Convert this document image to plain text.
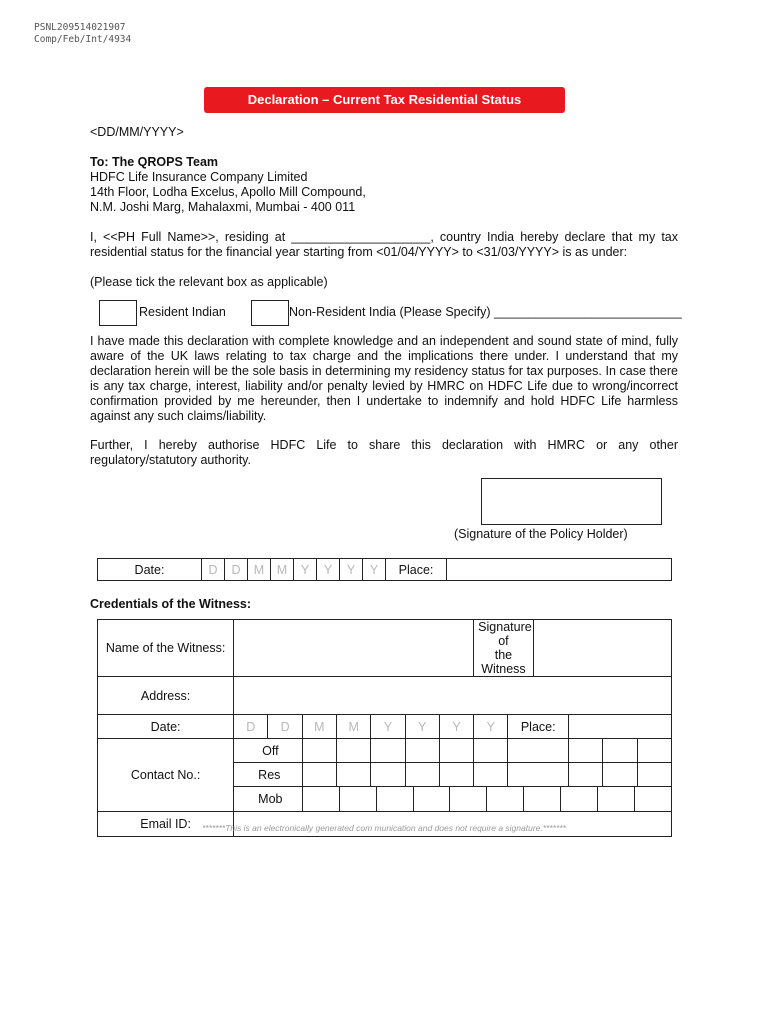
PSNL209514021907
Comp/Feb/Int/4934
Declaration – Current Tax Residential Status
<DD/MM/YYYY>
To: The QROPS Team
HDFC Life Insurance Company Limited
14th Floor, Lodha Excelus, Apollo Mill Compound,
N.M. Joshi Marg, Mahalaxmi, Mumbai - 400 011
I, <<PH Full Name>>, residing at ____________________, country India hereby declare that my tax
residential status for the financial year starting from <01/04/YYYY> to <31/03/YYYY> is as under:
(Please tick the relevant box as applicable)
Resident Indian	Non-Resident India (Please Specify) ___________________________
I have made this declaration with complete knowledge and an independent and sound state of mind, fully aware of the UK laws relating to tax charge and the implications there under. I understand that my declaration herein will be the sole basis in determining my residency status for tax purposes. In case there is any tax charge, interest, liability and/or penalty levied by HMRC on HDFC Life due to wrong/incorrect confirmation provided by me hereunder, then I undertake to indemnify and hold HDFC Life harmless against any such claims/liability.
Further, I hereby authorise HDFC Life to share this declaration with HMRC or any other regulatory/statutory authority.
(Signature of the Policy Holder)
Date:	D	D	M	M	Y	Y	Y	Y	Place:	
Credentials of the Witness:
Name of the Witness:								Signature of
the Witness					

Address:													
Date:	D	D	M	M	Y	Y	Y	Y	Place:				
Contact No.:	Off												
	Res												
	Mob												

Email ID:														*******This is an electronically generated com munication and does not require a signature.*******
